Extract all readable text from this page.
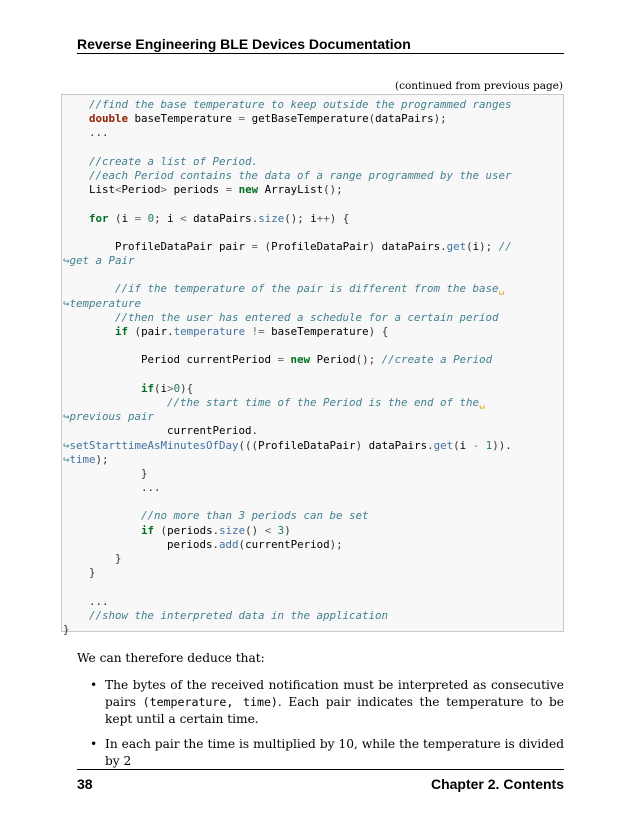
Reverse Engineering BLE Devices Documentation
(continued from previous page)
//find the base temperature to keep outside the programmed ranges
double baseTemperature = getBaseTemperature(dataPairs);
...

//create a list of Period.
//each Period contains the data of a range programmed by the user
List<Period> periods = new ArrayList();

for (i = 0; i < dataPairs.size(); i++) {

ProfileDataPair pair = (ProfileDataPair) dataPairs.get(i); //
↪get a Pair

//if the temperature of the pair is different from the base␣
↪temperature
//then the user has entered a schedule for a certain period
if (pair.temperature != baseTemperature) {

Period currentPeriod = new Period(); //create a Period

if(i>0){
//the start time of the Period is the end of the␣
↪previous pair
currentPeriod.
↪setStarttimeAsMinutesOfDay(((ProfileDataPair) dataPairs.get(i - 1)).
↪time);
}
...

//no more than 3 periods can be set
if (periods.size() < 3)
periods.add(currentPeriod);
}
}

...
//show the interpreted data in the application
}
We can therefore deduce that:
• The bytes of the received notification must be interpreted as consecutive pairs (temperature, time). Each pair indicates the temperature to be kept until a certain time.
• In each pair the time is multiplied by 10, while the temperature is divided by 2
38	Chapter 2. Contents
